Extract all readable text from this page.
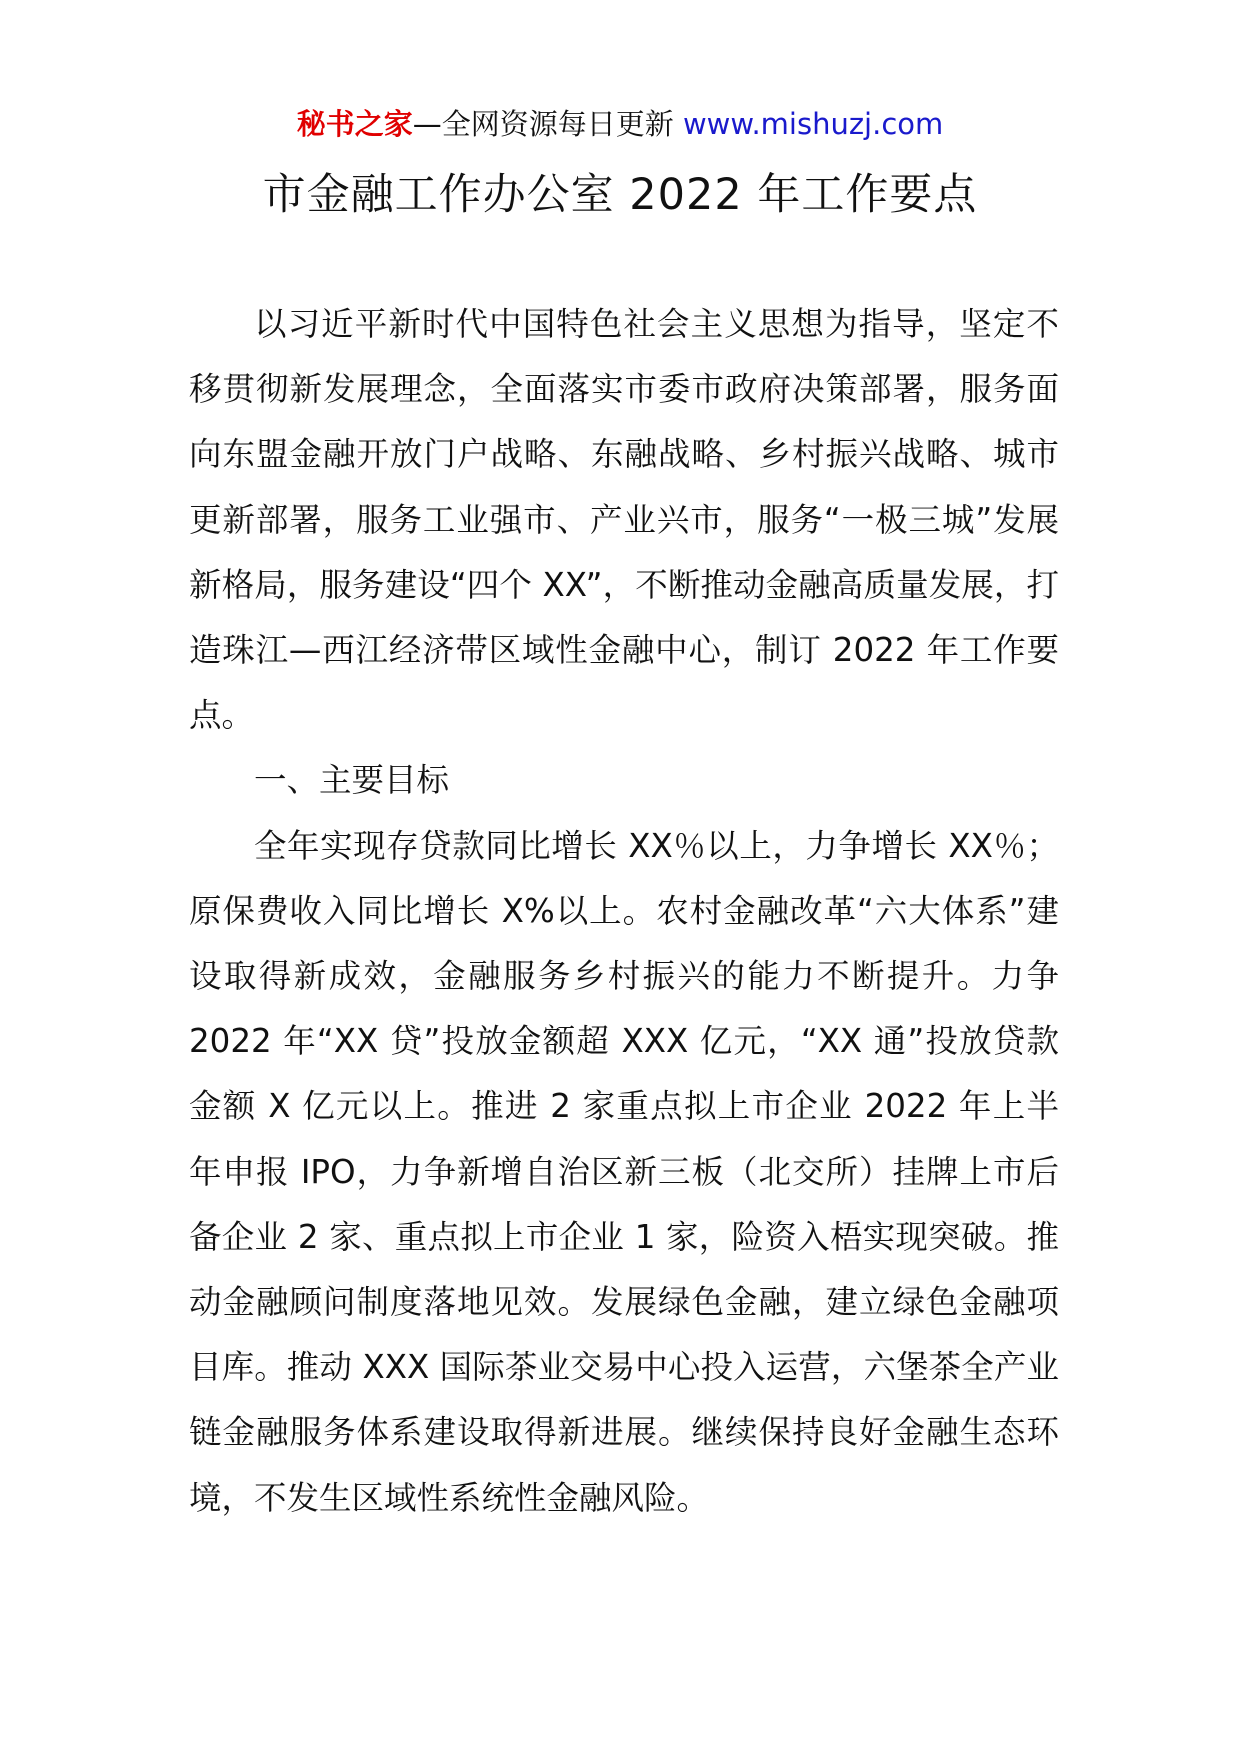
秘书之家—全网资源每日更新 www.mishuzj.com
市金融工作办公室 2022 年工作要点

以习近平新时代中国特色社会主义思想为指导，坚定不移贯彻新发展理念，全面落实市委市政府决策部署，服务面向东盟金融开放门户战略、东融战略、乡村振兴战略、城市更新部署，服务工业强市、产业兴市，服务“一极三城”发展新格局，服务建设“四个 XX”，不断推动金融高质量发展，打造珠江—西江经济带区域性金融中心，制订 2022 年工作要点。

一、主要目标

全年实现存贷款同比增长 XX％以上，力争增长 XX％；原保费收入同比增长 X%以上。农村金融改革“六大体系”建设取得新成效，金融服务乡村振兴的能力不断提升。力争 2022 年“XX 贷”投放金额超 XXX 亿元，“XX 通”投放贷款金额 X 亿元以上。推进 2 家重点拟上市企业 2022 年上半年申报 IPO，力争新增自治区新三板（北交所）挂牌上市后备企业 2 家、重点拟上市企业 1 家，险资入梧实现突破。推动金融顾问制度落地见效。发展绿色金融，建立绿色金融项目库。推动 XXX 国际茶业交易中心投入运营，六堡茶全产业链金融服务体系建设取得新进展。继续保持良好金融生态环境，不发生区域性系统性金融风险。
